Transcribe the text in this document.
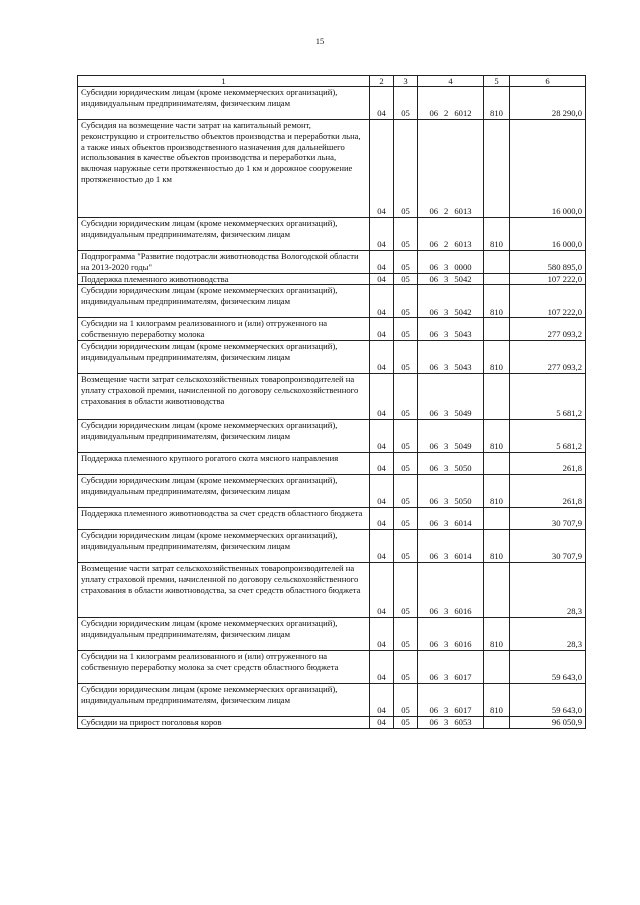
15
1	2	3	4	5	6
Субсидии юридическим лицам (кроме некоммерческих организаций), индивидуальным предпринимателям, физическим лицам	04	05	06 2 6012	810	28 290,0
Субсидия на возмещение части затрат на капитальный ремонт, реконструкцию и строительство объектов производства и переработки льна, а также иных объектов производственного назначения для дальнейшего использования в качестве объектов производства и переработки льна, включая наружные сети протяженностью до 1 км и дорожное сооружение протяженностью до 1 км	04	05	06 2 6013		16 000,0
Субсидии юридическим лицам (кроме некоммерческих организаций), индивидуальным предпринимателям, физическим лицам	04	05	06 2 6013	810	16 000,0
Подпрограмма "Развитие подотрасли животноводства Вологодской области на 2013-2020 годы"	04	05	06 3 0000		580 895,0
Поддержка племенного животноводства	04	05	06 3 5042		107 222,0
Субсидии юридическим лицам (кроме некоммерческих организаций), индивидуальным предпринимателям, физическим лицам	04	05	06 3 5042	810	107 222,0
Субсидии на 1 килограмм реализованного и (или) отгруженного на собственную переработку молока	04	05	06 3 5043		277 093,2
Субсидии юридическим лицам (кроме некоммерческих организаций), индивидуальным предпринимателям, физическим лицам	04	05	06 3 5043	810	277 093,2
Возмещение части затрат сельскохозяйственных товаропроизводителей на уплату страховой премии, начисленной по договору сельскохозяйственного страхования в области животноводства	04	05	06 3 5049		5 681,2
Субсидии юридическим лицам (кроме некоммерческих организаций), индивидуальным предпринимателям, физическим лицам	04	05	06 3 5049	810	5 681,2
Поддержка племенного крупного рогатого скота мясного направления	04	05	06 3 5050		261,8
Субсидии юридическим лицам (кроме некоммерческих организаций), индивидуальным предпринимателям, физическим лицам	04	05	06 3 5050	810	261,8
Поддержка племенного животноводства за счет средств областного бюджета	04	05	06 3 6014		30 707,9
Субсидии юридическим лицам (кроме некоммерческих организаций), индивидуальным предпринимателям, физическим лицам	04	05	06 3 6014	810	30 707,9
Возмещение части затрат сельскохозяйственных товаропроизводителей на уплату страховой премии, начисленной по договору сельскохозяйственного страхования в области животноводства, за счет средств областного бюджета	04	05	06 3 6016		28,3
Субсидии юридическим лицам (кроме некоммерческих организаций), индивидуальным предпринимателям, физическим лицам	04	05	06 3 6016	810	28,3
Субсидии на 1 килограмм реализованного и (или) отгруженного на собственную переработку молока за счет средств областного бюджета	04	05	06 3 6017		59 643,0
Субсидии юридическим лицам (кроме некоммерческих организаций), индивидуальным предпринимателям, физическим лицам	04	05	06 3 6017	810	59 643,0
Субсидии на прирост поголовья коров	04	05	06 3 6053		96 050,9
